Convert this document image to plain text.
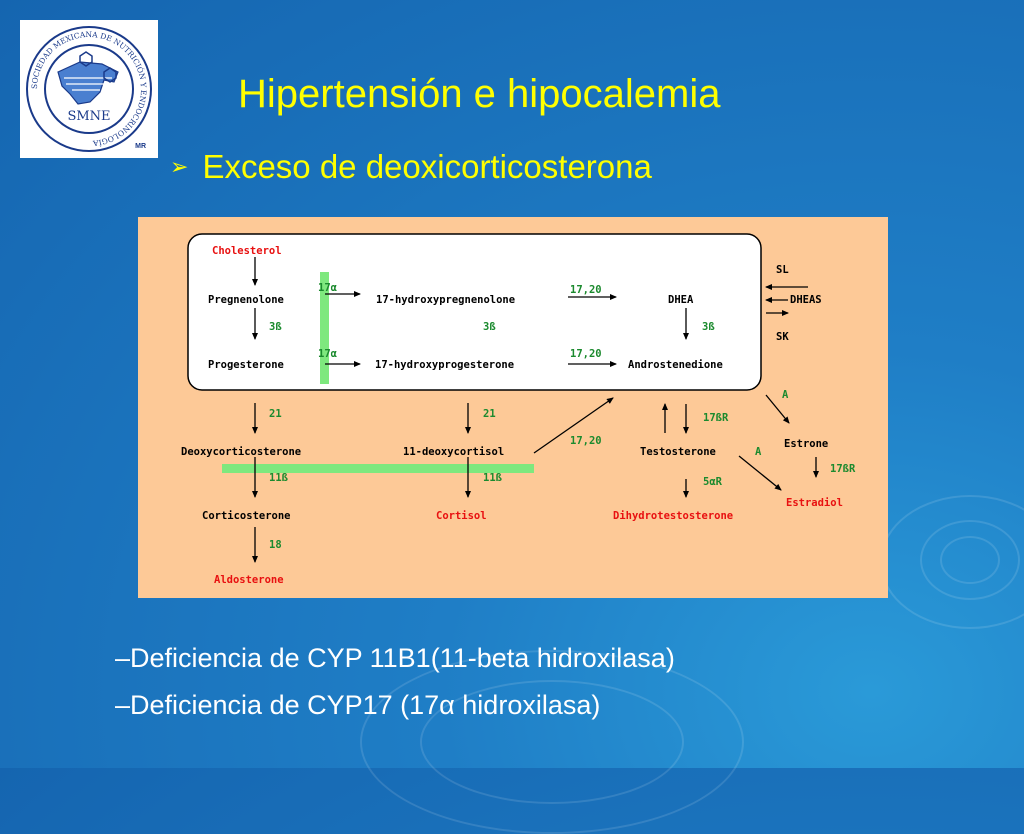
SOCIEDAD MEXICANA DE NUTRICIÓN Y ENDOCRINOLOGÍA
SMNE
MR
Hipertensión e hipocalemia
➢ Exceso de deoxicorticosterona
Cholesterol
Pregnenolone	17-hydroxypregnenolone	DHEA
Progesterone	17-hydroxyprogesterone	Androstenedione
3ß
17α	17,20
17α
3ß
17,20
3ß
SL
DHEAS
SK
21	21
17,20
17ßR
A
Deoxycorticosterone	11-deoxycortisol	Testosterone	A
Estrone
17ßR
11ß	11ß	5αR
Estradiol
Corticosterone	Cortisol	Dihydrotestosterone
18
Aldosterone
–Deficiencia de CYP 11B1(11-beta hidroxilasa)
–Deficiencia de CYP17 (17α hidroxilasa)
